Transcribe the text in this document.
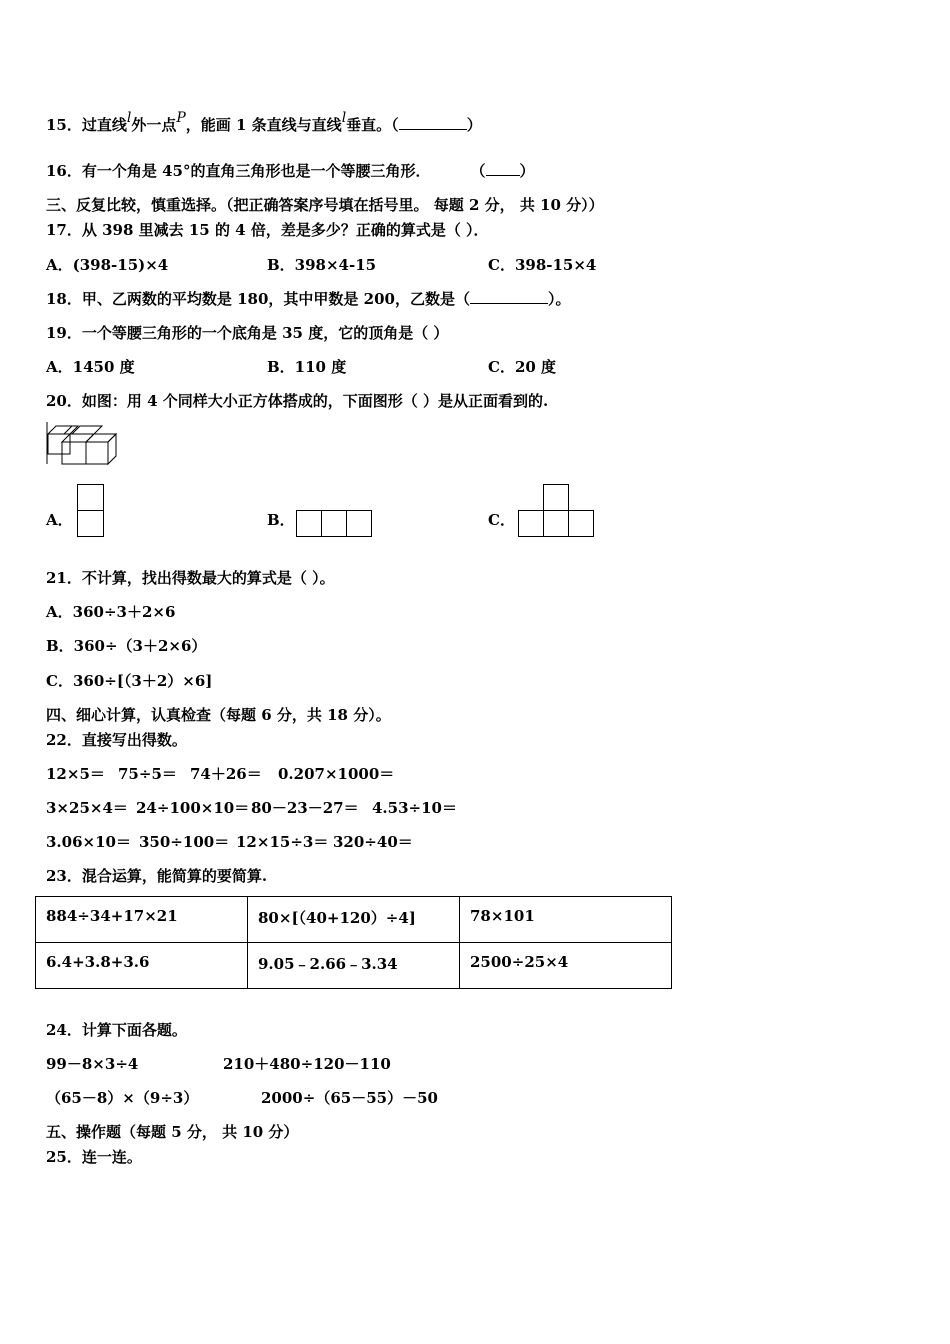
15．过直线l外一点P，能画 1 条直线与直线l垂直。（	）
16．有一个角是 45°的直角三角形也是一个等腰三角形．	（ ）
三、反复比较，慎重选择。（把正确答案序号填在括号里。 每题 2 分， 共 10 分））
17．从 398 里减去 15 的 4 倍，差是多少？正确的算式是（ ）．
A．(398-15)×4	B．398×4-15	C．398-15×4
18．甲、乙两数的平均数是 180，其中甲数是 200，乙数是（	）。
19．一个等腰三角形的一个底角是 35 度，它的顶角是（ ）
A．1450 度	B．110 度	C．20 度
20．如图：用 4 个同样大小正方体搭成的，下面图形（ ）是从正面看到的.
A．	B．	C．
21．不计算，找出得数最大的算式是（ ）。
A．360÷3＋2×6
B．360÷（3＋2×6）
C．360÷[（3＋2）×6]
四、细心计算，认真检查（每题 6 分，共 18 分）。
22．直接写出得数。
12×5＝ 75÷5＝ 74＋26＝ 0.207×1000＝
3×25×4＝ 24÷100×10＝ 80－23－27＝ 4.53÷10＝
3.06×10＝ 350÷100＝ 12×15÷3＝ 320÷40＝
23．混合运算，能简算的要简算.
884÷34+17×21	80×[（40+120）÷4]	78×101
6.4+3.8+3.6	9.05﹣2.66﹣3.34	2500÷25×4
24．计算下面各题。
99－8×3÷4	210＋480÷120－110
（65－8）×（9÷3）	2000÷（65－55）－50
五、操作题（每题 5 分， 共 10 分）
25．连一连。
